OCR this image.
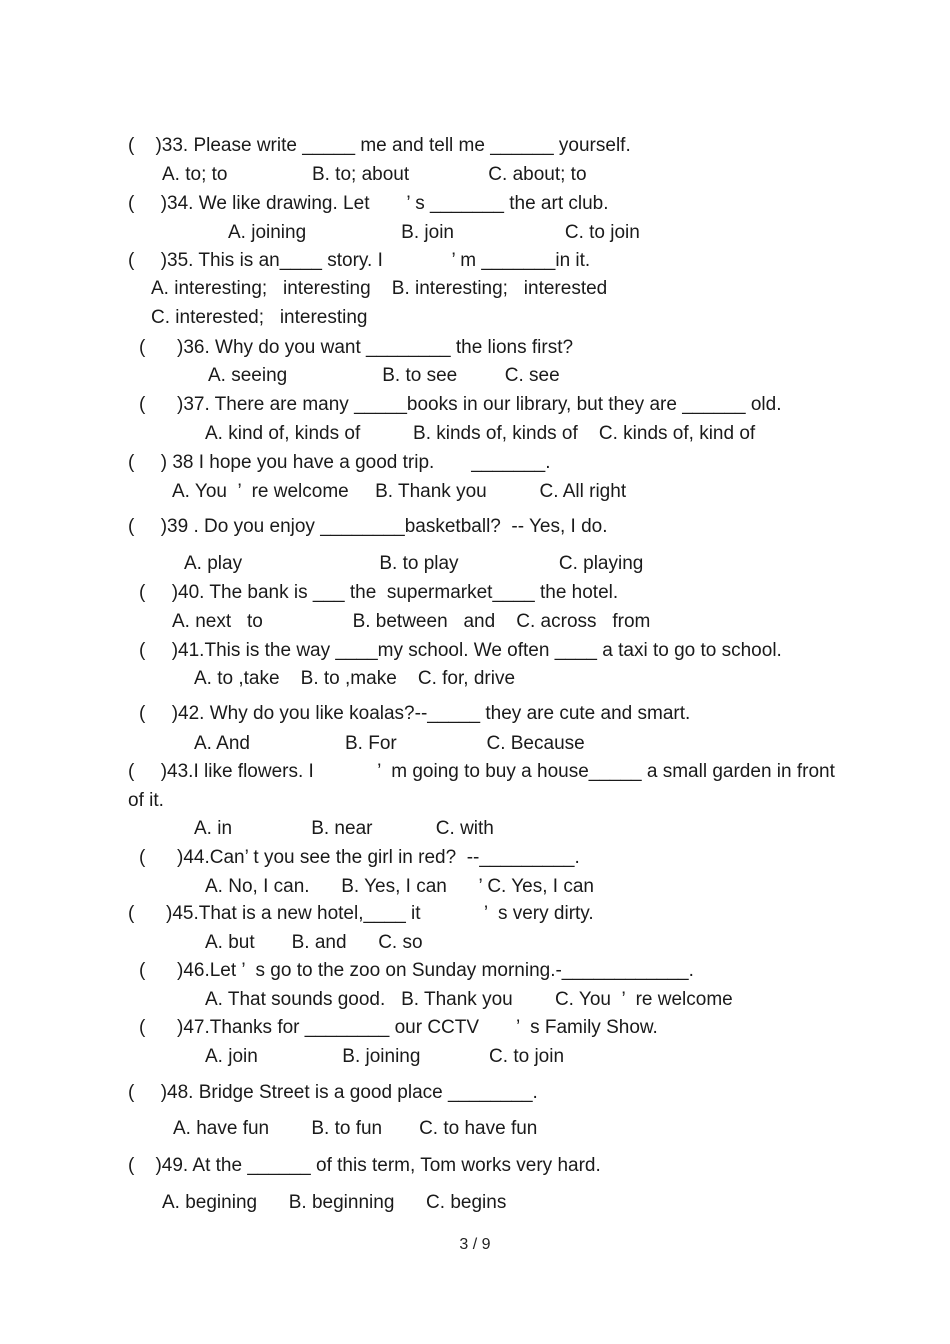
(    )33. Please write _____ me and tell me ______ yourself.
A. to; to                B. to; about               C. about; to
(     )34. We like drawing. Let       ’ s _______ the art club.
A. joining                  B. join                     C. to join
(     )35. This is an____ story. I             ’ m _______in it.
A. interesting;   interesting    B. interesting;   interested
C. interested;   interesting
(      )36. Why do you want ________ the lions first?
A. seeing                  B. to see         C. see
(      )37. There are many _____books in our library, but they are ______ old.
A. kind of, kinds of          B. kinds of, kinds of    C. kinds of, kind of
(     ) 38 I hope you have a good trip.       _______.
A. You  ’  re welcome     B. Thank you          C. All right
(     )39 . Do you enjoy ________basketball?  -- Yes, I do.
A. play                          B. to play                   C. playing
(     )40. The bank is ___ the  supermarket____ the hotel.
A. next   to                 B. between   and    C. across   from
(     )41.This is the way ____my school. We often ____ a taxi to go to school.
A. to ,take    B. to ,make    C. for, drive
(     )42. Why do you like koalas?--_____ they are cute and smart.
A. And                  B. For                 C. Because
(     )43.I like flowers. I            ’  m going to buy a house_____ a small garden in front
of it.
A. in               B. near            C. with
(      )44.Can’ t you see the girl in red?  --_________.
A. No, I can.      B. Yes, I can      ’ C. Yes, I can
(      )45.That is a new hotel,____ it            ’  s very dirty.
A. but       B. and      C. so
(      )46.Let ’  s go to the zoo on Sunday morning.-____________.
A. That sounds good.   B. Thank you        C. You  ’  re welcome
(      )47.Thanks for ________ our CCTV       ’  s Family Show.
A. join                B. joining             C. to join
(     )48. Bridge Street is a good place ________.
A. have fun        B. to fun       C. to have fun
(    )49. At the ______ of this term, Tom works very hard.
A. begining      B. beginning      C. begins
3 / 9
